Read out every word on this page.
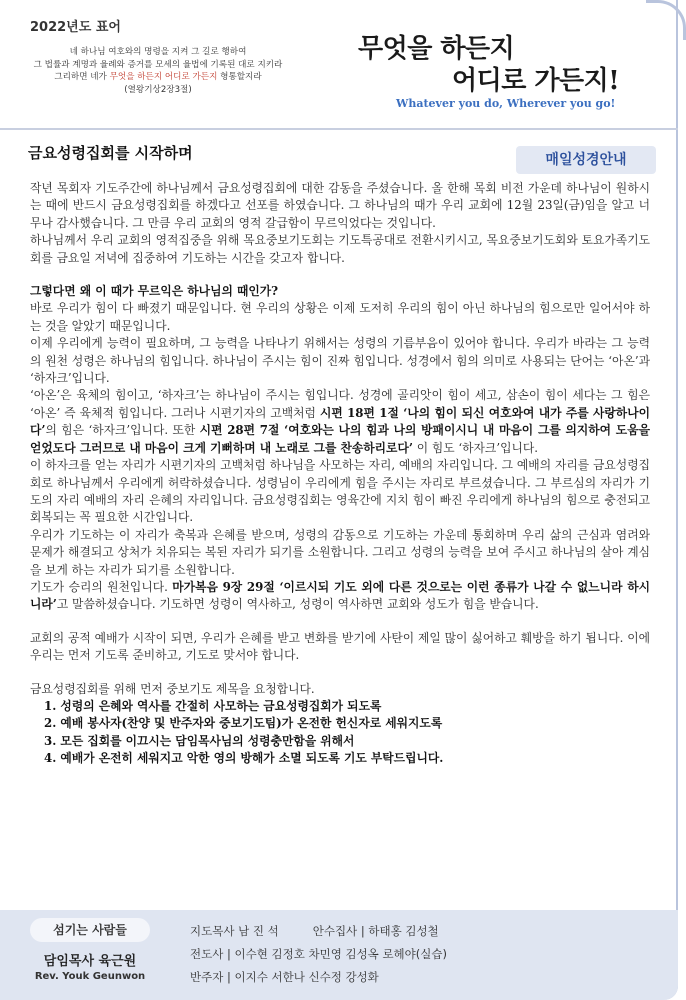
2022년도 표어
네 하나님 여호와의 명령을 지켜 그 길로 행하여
그 법률과 계명과 율례와 증거를 모세의 율법에 기록된 대로 지키라
그리하면 네가 무엇을 하든지 어디로 가든지 형통할지라
(열왕기상2장3절)
무엇을 하든지
어디로 가든지!
Whatever you do, Wherever you go!
금요성령집회를 시작하며	매일성경안내

작년 목회자 기도주간에 하나님께서 금요성령집회에 대한 감동을 주셨습니다. 올 한해 목회 비전 가운데 하나님이 원하시는 때에 반드시 금요성령집회를 하겠다고 선포를 하였습니다. 그 하나님의 때가 우리 교회에 12월 23일(금)임을 알고 너무나 감사했습니다. 그 만큼 우리 교회의 영적 갈급함이 무르익었다는 것입니다.

하나님께서 우리 교회의 영적집중을 위해 목요중보기도회는 기도특공대로 전환시키시고, 목요중보기도회와 토요가족기도회를 금요일 저녁에 집중하여 기도하는 시간을 갖고자 합니다.

그렇다면 왜 이 때가 무르익은 하나님의 때인가?

바로 우리가 힘이 다 빠졌기 때문입니다. 현 우리의 상황은 이제 도저히 우리의 힘이 아닌 하나님의 힘으로만 일어서야 하는 것을 알았기 때문입니다.

이제 우리에게 능력이 필요하며, 그 능력을 나타나기 위해서는 성령의 기름부음이 있어야 합니다. 우리가 바라는 그 능력의 원천 성령은 하나님의 힘입니다. 하나님이 주시는 힘이 진짜 힘입니다. 성경에서 힘의 의미로 사용되는 단어는 ‘아온’과 ‘하자크’입니다.

‘아온’은 육체의 힘이고, ‘하자크’는 하나님이 주시는 힘입니다. 성경에 골리앗이 힘이 세고, 삼손이 힘이 세다는 그 힘은 ‘아온’ 즉 육체적 힘입니다. 그러나 시편기자의 고백처럼 시편 18편 1절 ‘나의 힘이 되신 여호와여 내가 주를 사랑하나이다’의 힘은 ‘하자크’입니다. 또한 시편 28편 7절 ‘여호와는 나의 힘과 나의 방패이시니 내 마음이 그를 의지하여 도움을 얻었도다 그러므로 내 마음이 크게 기뻐하며 내 노래로 그를 찬송하리로다’ 이 힘도 ‘하자크’입니다.

이 하자크를 얻는 자리가 시편기자의 고백처럼 하나님을 사모하는 자리, 예배의 자리입니다. 그 예배의 자리를 금요성령집회로 하나님께서 우리에게 허락하셨습니다. 성령님이 우리에게 힘을 주시는 자리로 부르셨습니다. 그 부르심의 자리가 기도의 자리 예배의 자리 은혜의 자리입니다. 금요성령집회는 영육간에 지치 힘이 빠진 우리에게 하나님의 힘으로 충전되고 회복되는 꼭 필요한 시간입니다.

우리가 기도하는 이 자리가 축복과 은혜를 받으며, 성령의 감동으로 기도하는 가운데 통회하며 우리 삶의 근심과 염려와 문제가 해결되고 상처가 치유되는 복된 자리가 되기를 소원합니다. 그리고 성령의 능력을 보여 주시고 하나님의 살아 계심을 보게 하는 자리가 되기를 소원합니다.

기도가 승리의 원천입니다. 마가복음 9장 29절 ‘이르시되 기도 외에 다른 것으로는 이런 종류가 나갈 수 없느니라 하시니라’고 말씀하셨습니다. 기도하면 성령이 역사하고, 성령이 역사하면 교회와 성도가 힘을 받습니다.

교회의 공적 예배가 시작이 되면, 우리가 은혜를 받고 변화를 받기에 사탄이 제일 많이 싫어하고 훼방을 하기 됩니다. 이에 우리는 먼저 기도록 준비하고, 기도로 맞서야 합니다.

금요성령집회를 위해 먼저 중보기도 제목을 요청합니다.

1. 성령의 은혜와 역사를 간절히 사모하는 금요성령집회가 되도록
2. 예배 봉사자(찬양 및 반주자와 중보기도팀)가 온전한 헌신자로 세워지도록
3. 모든 집회를 이끄시는 담임목사님의 성령충만함을 위해서
4. 예배가 온전히 세워지고 악한 영의 방해가 소멸 되도록 기도 부탁드립니다.
섬기는 사람들
담임목사 육근원
Rev. Youk Geunwon
지도목사 남 진 석	안수집사 | 하태홍 김성철
전도사 | 이수현 김정호 차민영 김성옥 로헤야(실습)
반주자 | 이지수 서한나 신수정 강성화
